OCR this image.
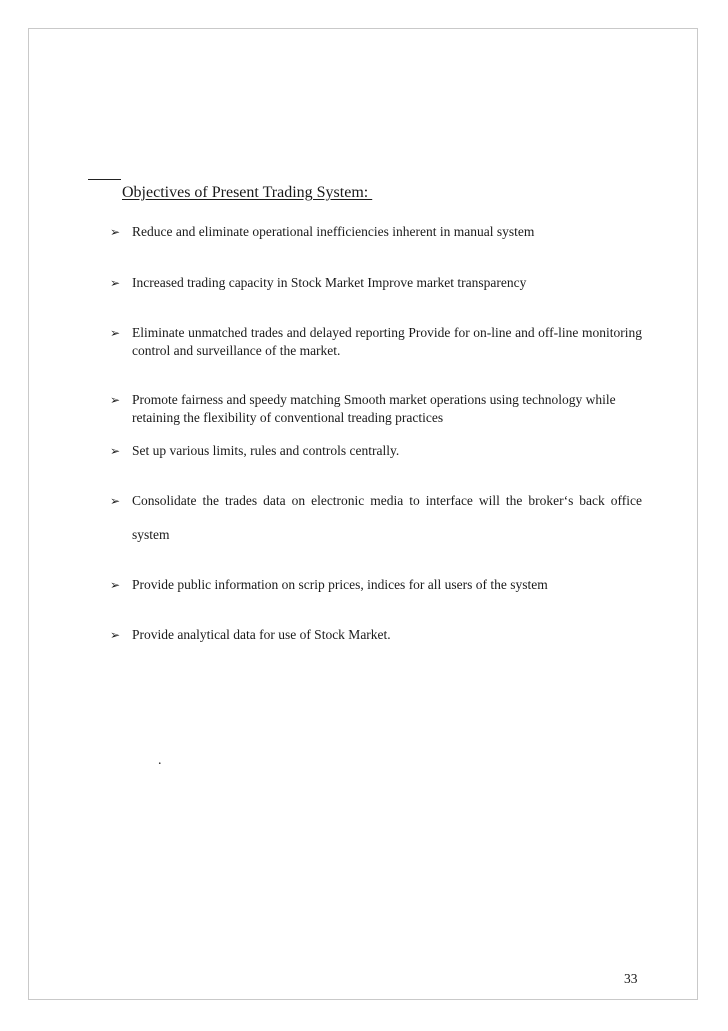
Objectives of Present Trading System:
➢ Reduce and eliminate operational inefficiencies inherent in manual system
➢ Increased trading capacity in Stock Market Improve market transparency
➢ Eliminate unmatched trades and delayed reporting Provide for on-line and off-line monitoring control and surveillance of the market.
➢ Promote fairness and speedy matching Smooth market operations using technology while retaining the flexibility of conventional treading practices
➢ Set up various limits, rules and controls centrally.
➢ Consolidate the trades data on electronic media to interface will the broker‘s back office system
➢ Provide public information on scrip prices, indices for all users of the system
➢ Provide analytical data for use of Stock Market.
.
33
